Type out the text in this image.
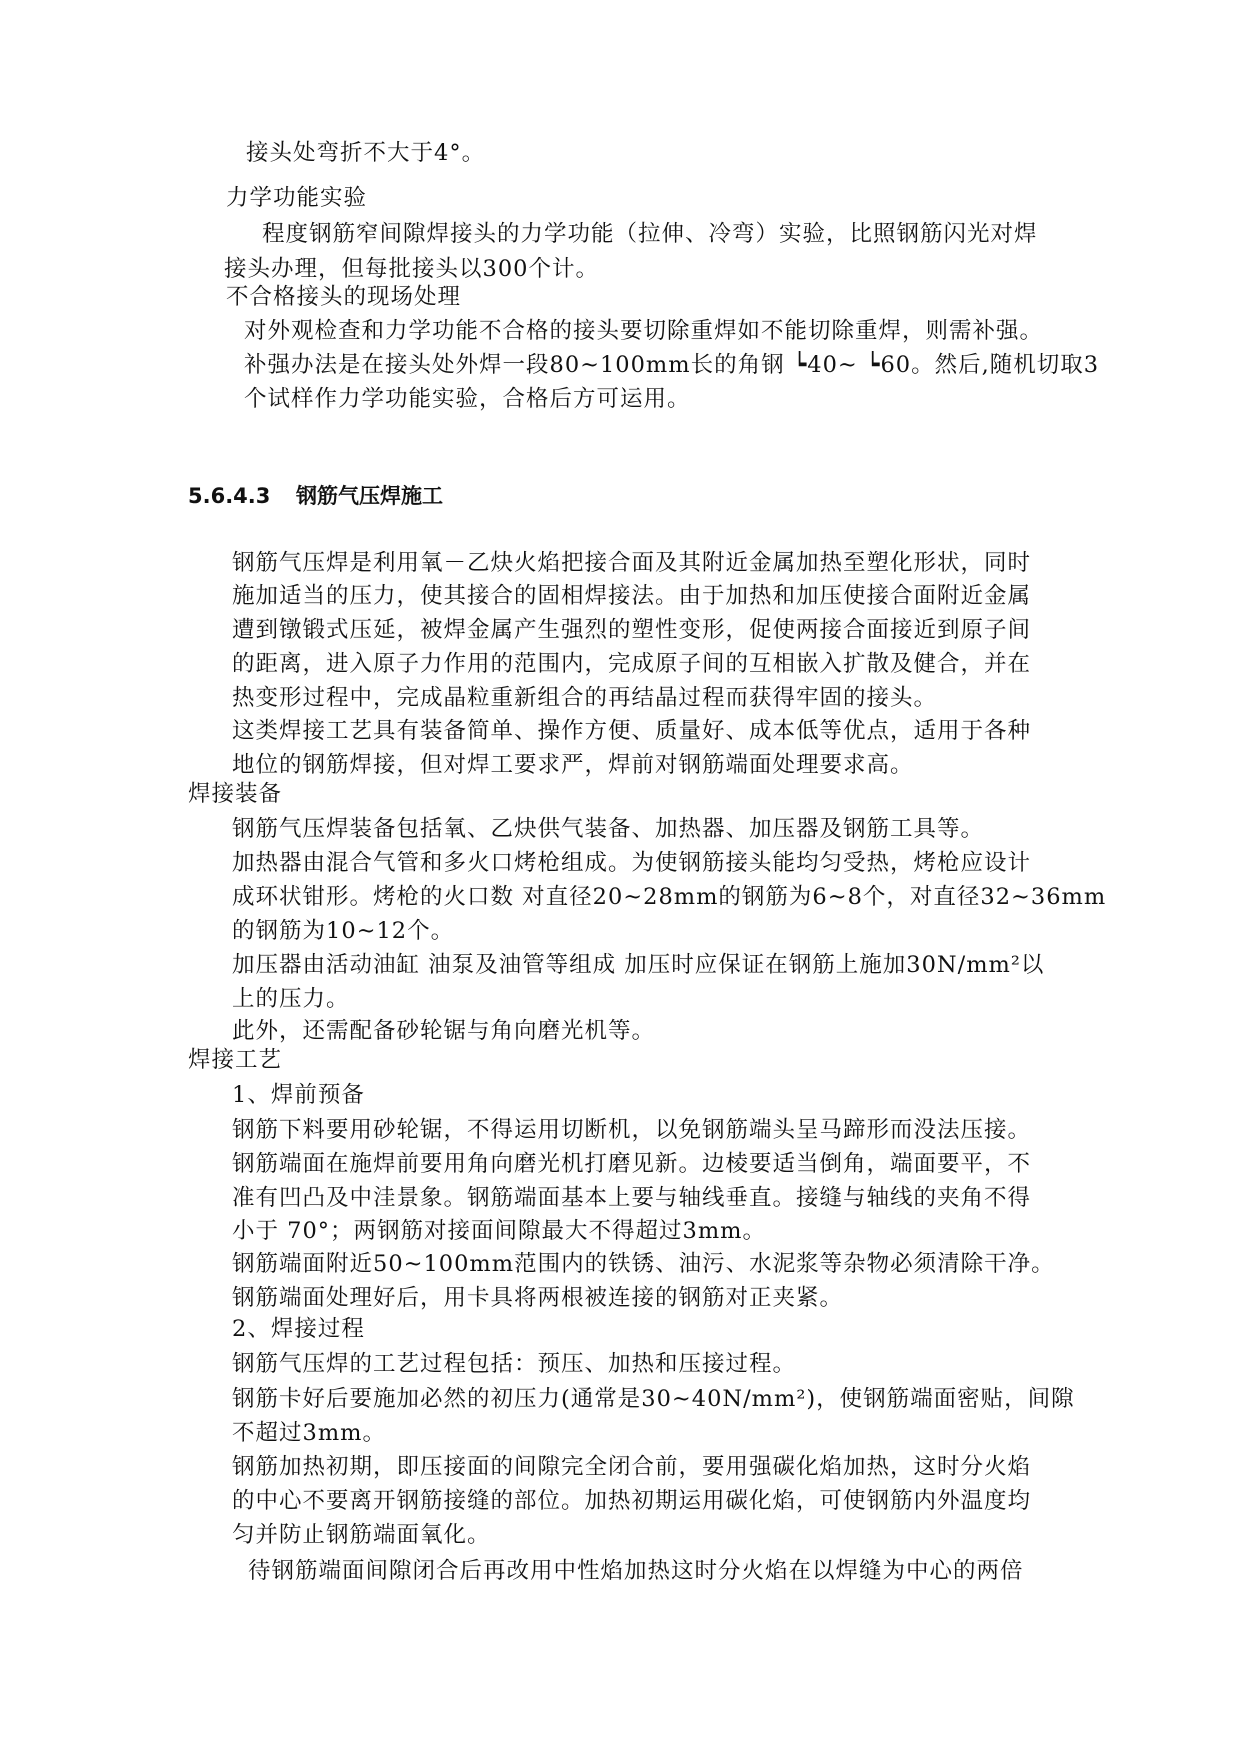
接头处弯折不大于4°。
力学功能实验
程度钢筋窄间隙焊接头的力学功能（拉伸、冷弯）实验，比照钢筋闪光对焊
接头办理，但每批接头以300个计。
不合格接头的现场处理
对外观检查和力学功能不合格的接头要切除重焊如不能切除重焊，则需补强。
补强办法是在接头处外焊一段80~100mm长的角钢 ┕40~ ┕60。然后,随机切取3
个试样作力学功能实验，合格后方可运用。
5.6.4.3 钢筋气压焊施工
钢筋气压焊是利用氧－乙炔火焰把接合面及其附近金属加热至塑化形状，同时
施加适当的压力，使其接合的固相焊接法。由于加热和加压使接合面附近金属
遭到镦锻式压延，被焊金属产生强烈的塑性变形，促使两接合面接近到原子间
的距离，进入原子力作用的范围内，完成原子间的互相嵌入扩散及健合，并在
热变形过程中，完成晶粒重新组合的再结晶过程而获得牢固的接头。
这类焊接工艺具有装备简单、操作方便、质量好、成本低等优点，适用于各种
地位的钢筋焊接，但对焊工要求严，焊前对钢筋端面处理要求高。
焊接装备
钢筋气压焊装备包括氧、乙炔供气装备、加热器、加压器及钢筋工具等。
加热器由混合气管和多火口烤枪组成。为使钢筋接头能均匀受热，烤枪应设计
成环状钳形。烤枪的火口数 对直径20~28mm的钢筋为6~8个，对直径32~36mm
的钢筋为10~12个。
加压器由活动油缸 油泵及油管等组成 加压时应保证在钢筋上施加30N/mm²以
上的压力。
此外，还需配备砂轮锯与角向磨光机等。
焊接工艺
1、焊前预备
钢筋下料要用砂轮锯，不得运用切断机，以免钢筋端头呈马蹄形而没法压接。
钢筋端面在施焊前要用角向磨光机打磨见新。边棱要适当倒角，端面要平，不
准有凹凸及中洼景象。钢筋端面基本上要与轴线垂直。接缝与轴线的夹角不得
小于 70°；两钢筋对接面间隙最大不得超过3mm。
钢筋端面附近50~100mm范围内的铁锈、油污、水泥浆等杂物必须清除干净。
钢筋端面处理好后，用卡具将两根被连接的钢筋对正夹紧。
2、焊接过程
钢筋气压焊的工艺过程包括：预压、加热和压接过程。
钢筋卡好后要施加必然的初压力(通常是30~40N/mm²)，使钢筋端面密贴，间隙
不超过3mm。
钢筋加热初期，即压接面的间隙完全闭合前，要用强碳化焰加热，这时分火焰
的中心不要离开钢筋接缝的部位。加热初期运用碳化焰，可使钢筋内外温度均
匀并防止钢筋端面氧化。
待钢筋端面间隙闭合后再改用中性焰加热这时分火焰在以焊缝为中心的两倍
